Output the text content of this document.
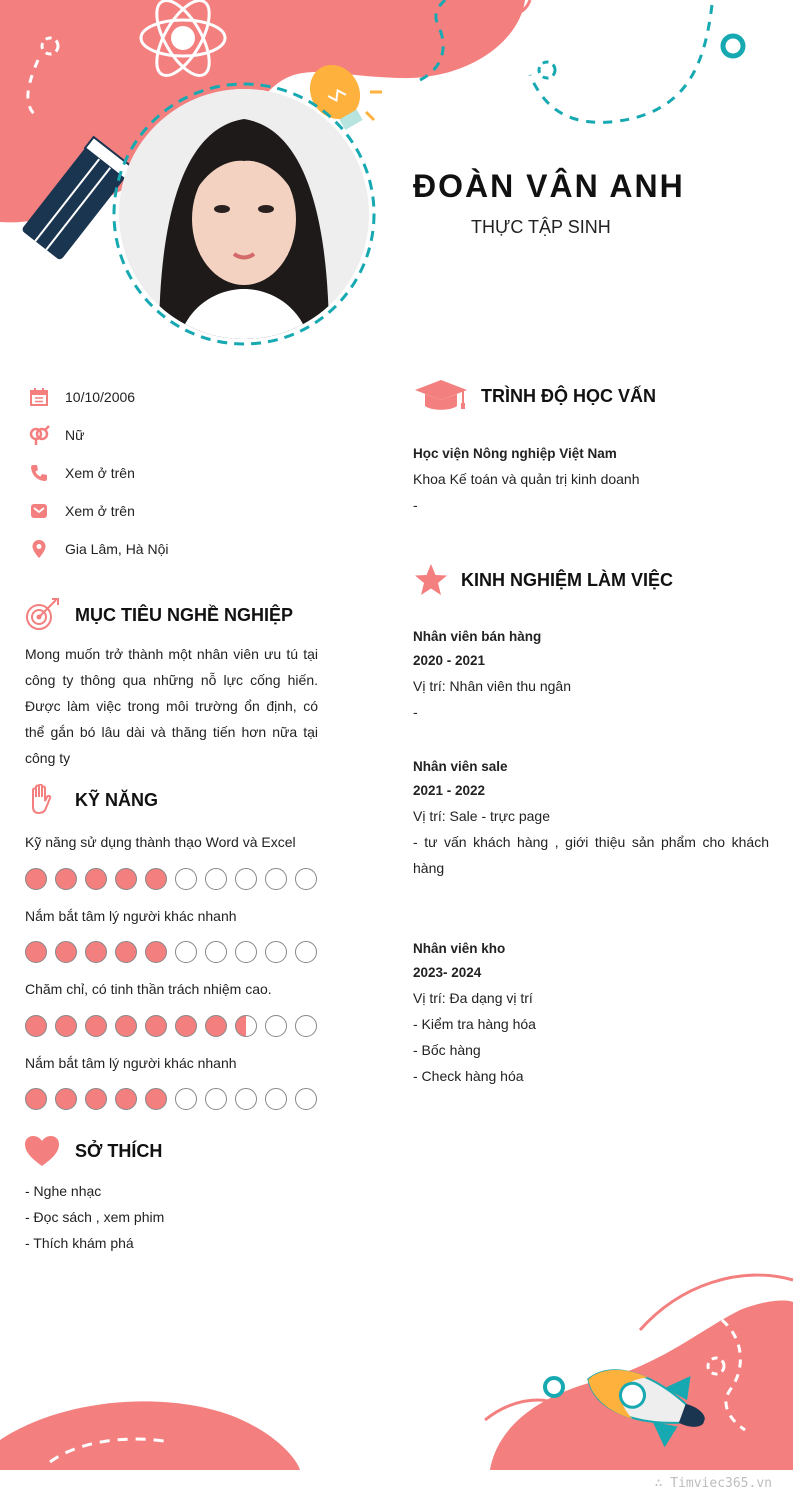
ĐOÀN VÂN ANH
THỰC TẬP SINH
10/10/2006
Nữ
Xem ở trên
Xem ở trên
Gia Lâm, Hà Nội
MỤC TIÊU NGHỀ NGHIỆP
Mong muốn trở thành một nhân viên ưu tú tại công ty thông qua những nỗ lực cống hiến. Được làm việc trong môi trường ổn định, có thể gắn bó lâu dài và thăng tiến hơn nữa tại công ty
KỸ NĂNG
Kỹ năng sử dụng thành thạo Word và Excel
Nắm bắt tâm lý người khác nhanh
Chăm chỉ, có tinh thần trách nhiệm cao.
Nắm bắt tâm lý người khác nhanh
SỞ THÍCH
- Nghe nhạc
- Đọc sách , xem phim
- Thích khám phá
TRÌNH ĐỘ HỌC VẤN
Học viện Nông nghiệp Việt Nam
Khoa Kế toán và quản trị kinh doanh
-
KINH NGHIỆM LÀM VIỆC
Nhân viên bán hàng
2020 - 2021
Vị trí: Nhân viên thu ngân
-
Nhân viên sale
2021 - 2022
Vị trí: Sale - trực page
- tư vấn khách hàng , giới thiệu sản phẩm cho khách hàng
Nhân viên kho
2023- 2024
Vị trí: Đa dạng vị trí
- Kiểm tra hàng hóa
- Bốc hàng
- Check hàng hóa
∴ Timviec365.vn
